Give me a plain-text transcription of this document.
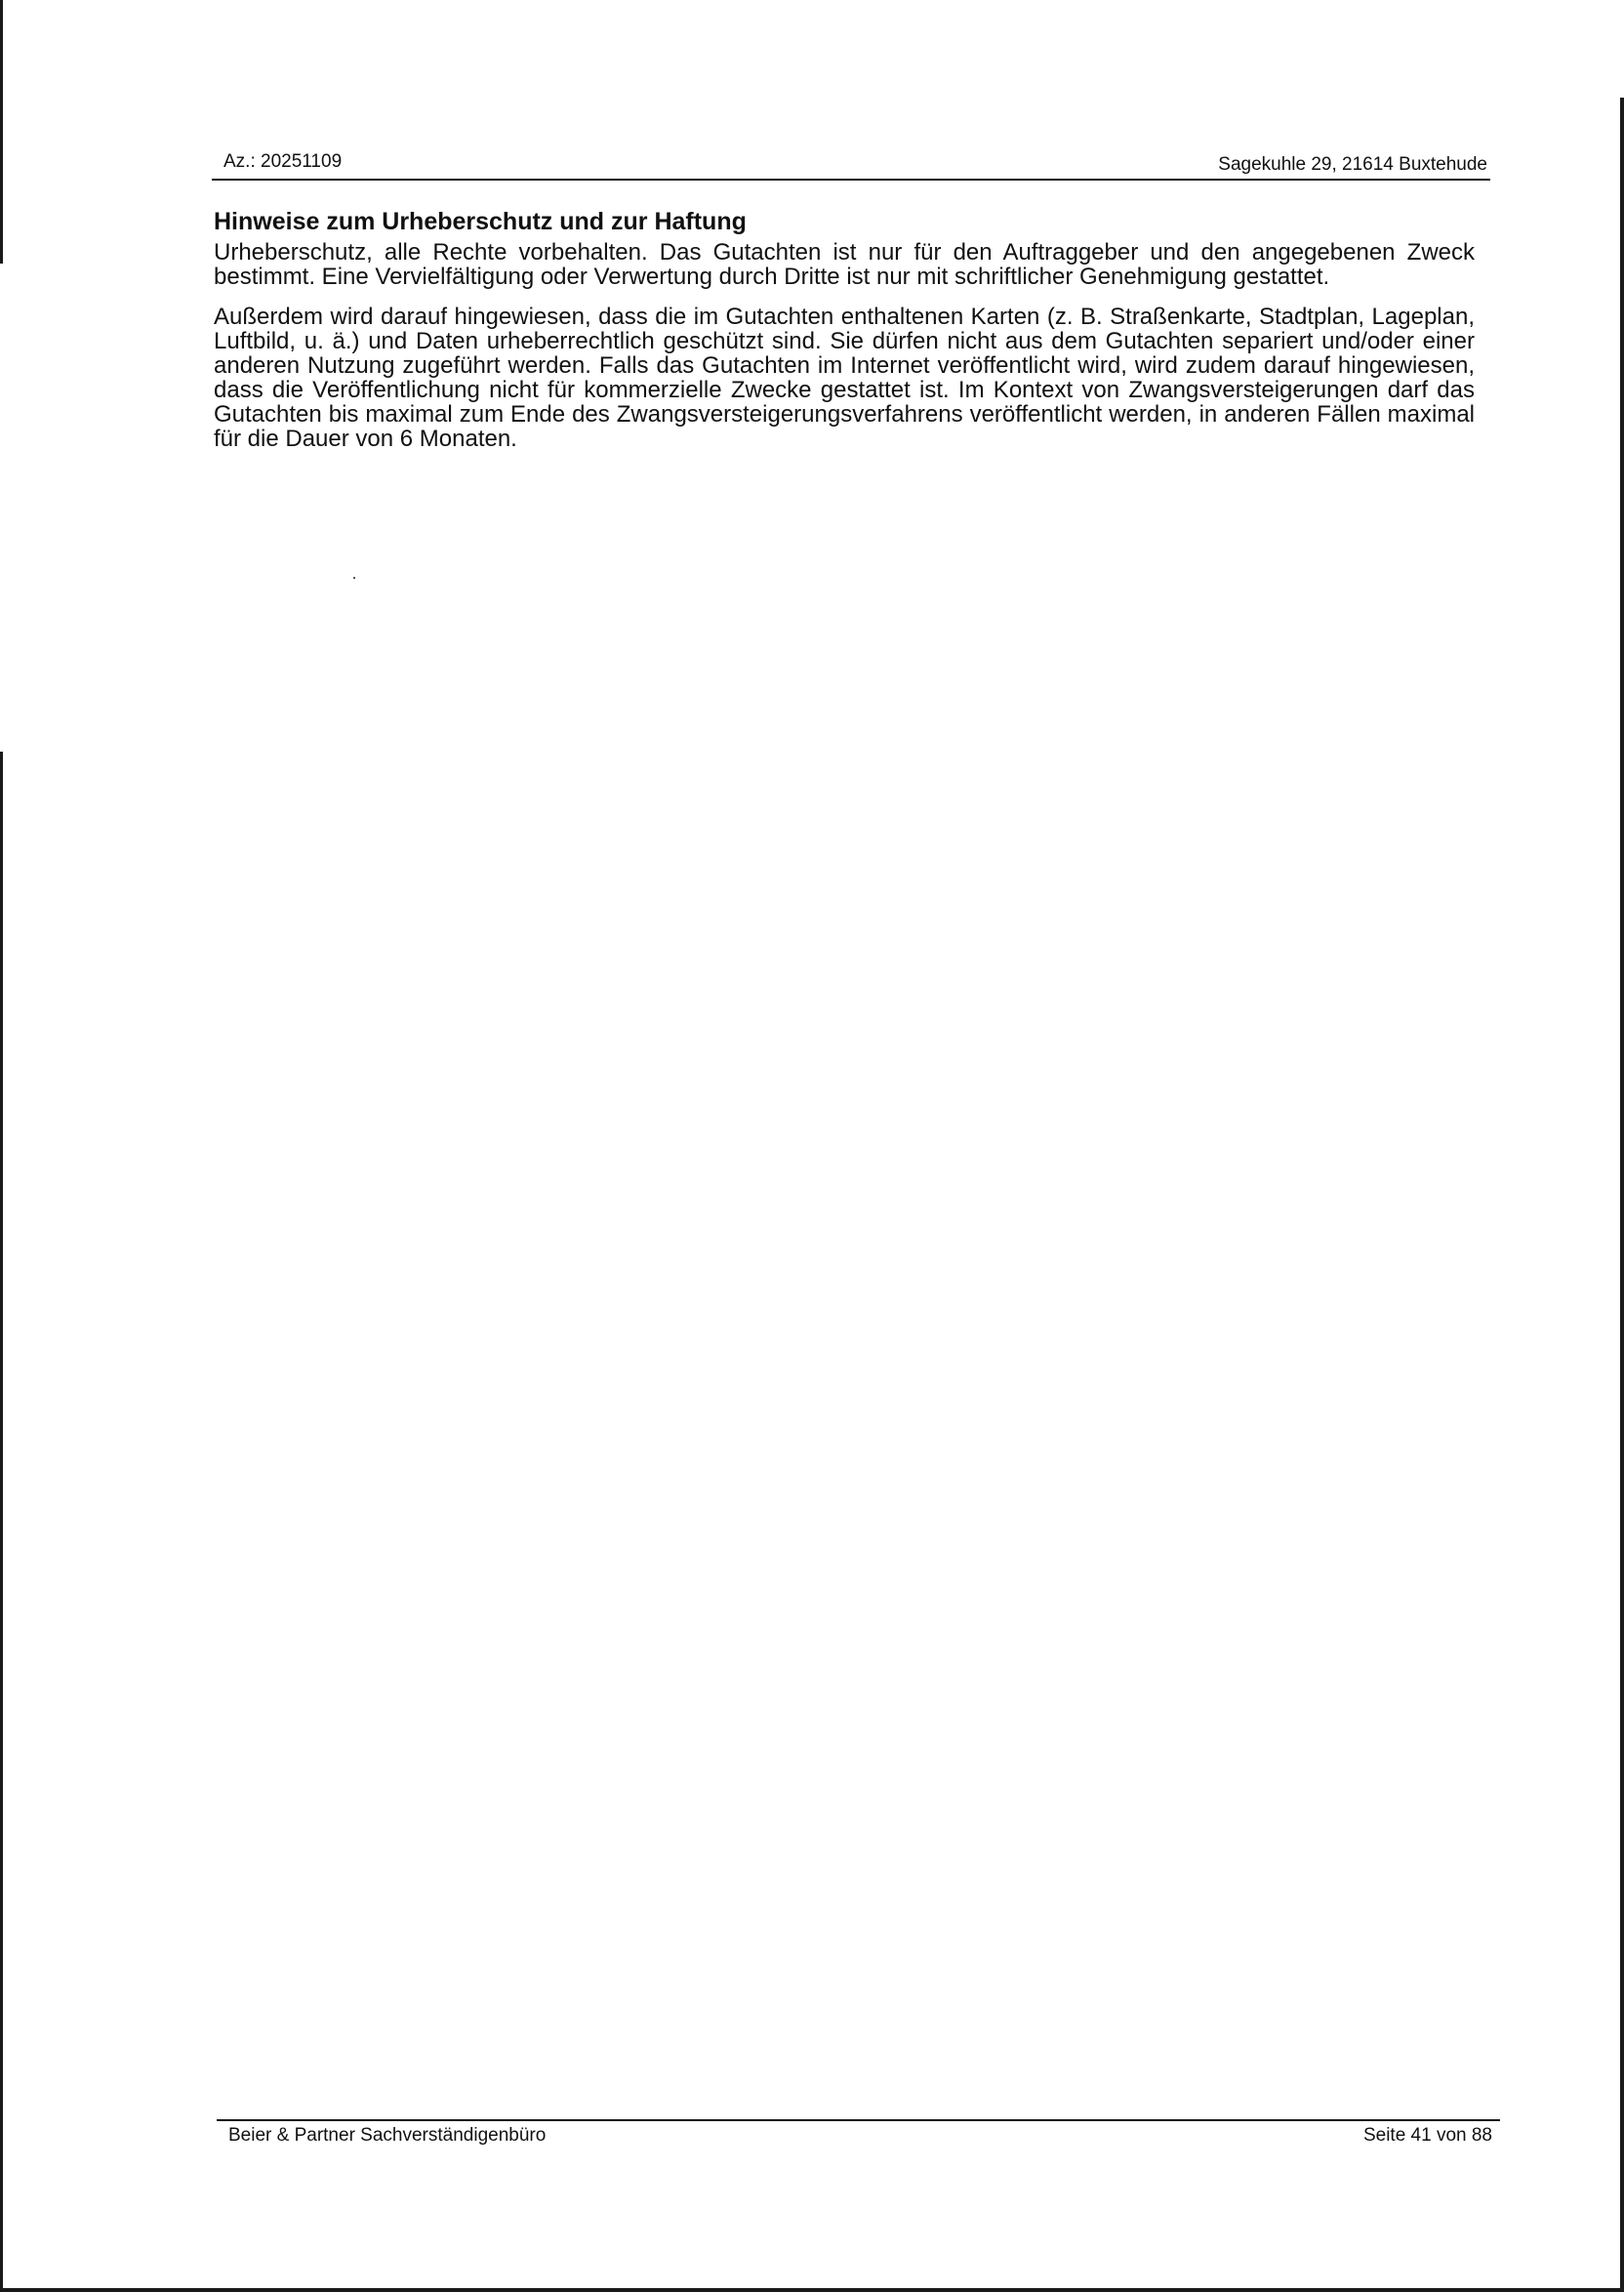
Az.: 20251109	Sagekuhle 29, 21614 Buxtehude
Hinweise zum Urheberschutz und zur Haftung

Urheberschutz, alle Rechte vorbehalten. Das Gutachten ist nur für den Auftraggeber und den angegebenen Zweck bestimmt. Eine Vervielfältigung oder Verwertung durch Dritte ist nur mit schriftlicher Genehmigung gestattet.

Außerdem wird darauf hingewiesen, dass die im Gutachten enthaltenen Karten (z. B. Straßenkarte, Stadtplan, Lageplan, Luftbild, u. ä.) und Daten urheberrechtlich geschützt sind. Sie dürfen nicht aus dem Gutachten separiert und/oder einer anderen Nutzung zugeführt werden. Falls das Gutachten im Internet veröffentlicht wird, wird zudem darauf hingewiesen, dass die Veröffentlichung nicht für kommerzielle Zwecke gestattet ist. Im Kontext von Zwangsversteigerungen darf das Gutachten bis maximal zum Ende des Zwangsversteigerungsverfahrens veröffentlicht werden, in anderen Fällen maximal für die Dauer von 6 Monaten.

Beier & Partner Sachverständigenbüro	Seite 41 von 88
